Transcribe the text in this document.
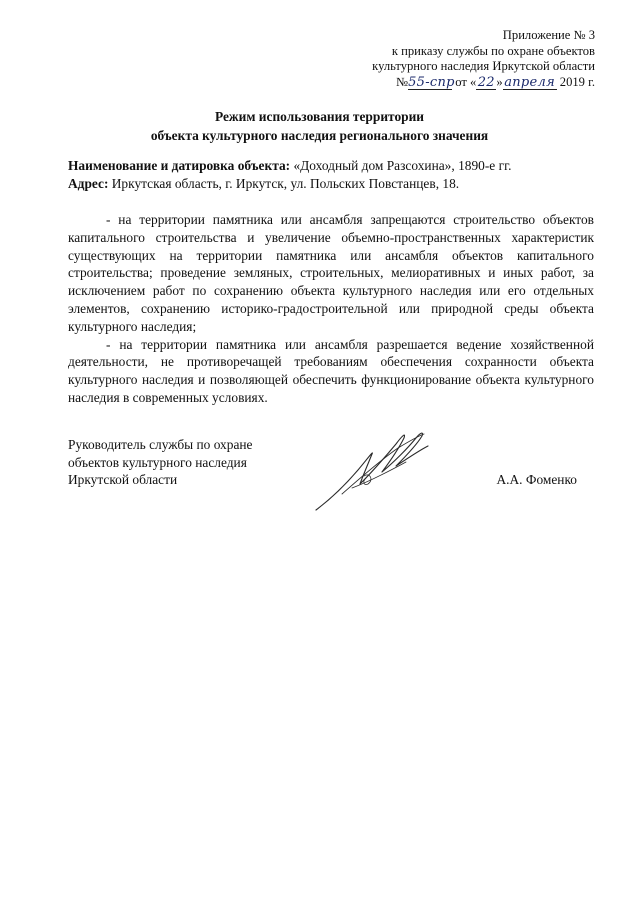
Приложение № 3
к приказу службы по охране объектов
культурного наследия Иркутской области
№55-спр от «22» апреля 2019 г.
Режим использования территории
объекта культурного наследия регионального значения
Наименование и датировка объекта: «Доходный дом Разсохина», 1890-е гг.
Адрес: Иркутская область, г. Иркутск, ул. Польских Повстанцев, 18.

- на территории памятника или ансамбля запрещаются строительство объектов капитального строительства и увеличение объемно-пространственных характеристик существующих на территории памятника или ансамбля объектов капитального строительства; проведение земляных, строительных, мелиоративных и иных работ, за исключением работ по сохранению объекта культурного наследия или его отдельных элементов, сохранению историко-градостроительной или природной среды объекта культурного наследия;

- на территории памятника или ансамбля разрешается ведение хозяйственной деятельности, не противоречащей требованиям обеспечения сохранности объекта культурного наследия и позволяющей обеспечить функционирование объекта культурного наследия в современных условиях.

Руководитель службы по охране
объектов культурного наследия
Иркутской области	А.А. Фоменко
